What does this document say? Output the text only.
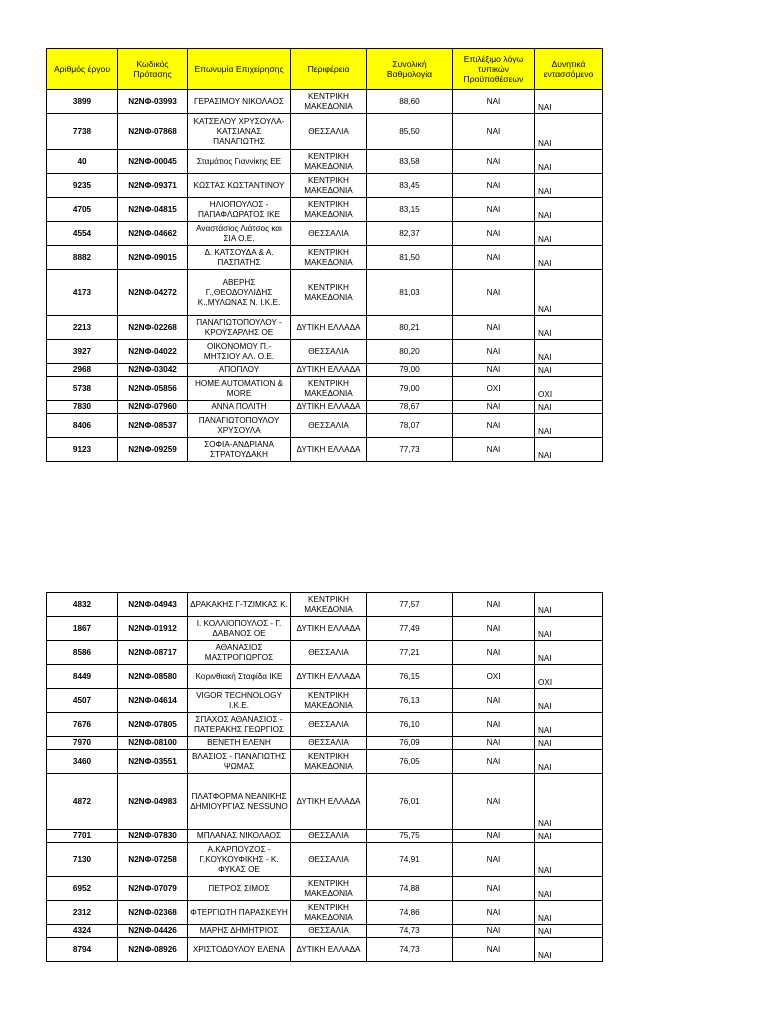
Αριθμός έργου	Κωδικός Πρότασης	Επωνυμία Επιχείρησης	Περιφέρεια	Συνολική Βαθμολογία	Επιλέξιμο λόγω τυπικών Προϋποθέσεων	Δυνητικά εντασσόμενο
3899	Ν2ΝΦ-03993	ΓΕΡΑΣΙΜΟΥ ΝΙΚΟΛΑΟΣ	ΚΕΝΤΡΙΚΗ ΜΑΚΕΔΟΝΙΑ	88,60	ΝΑΙ	ΝΑΙ
7738	Ν2ΝΦ-07868	ΚΑΤΣΕΛΟΥ ΧΡΥΣΟΥΛΑ-ΚΑΤΣΙΑΝΑΣ ΠΑΝΑΓΙΩΤΗΣ	ΘΕΣΣΑΛΙΑ	85,50	ΝΑΙ	ΝΑΙ
40	Ν2ΝΦ-00045	Σταμάτιος Γιαννίκης ΕΕ	ΚΕΝΤΡΙΚΗ ΜΑΚΕΔΟΝΙΑ	83,58	ΝΑΙ	ΝΑΙ
9235	Ν2ΝΦ-09371	ΚΩΣΤΑΣ ΚΩΣΤΑΝΤΙΝΟΥ	ΚΕΝΤΡΙΚΗ ΜΑΚΕΔΟΝΙΑ	83,45	ΝΑΙ	ΝΑΙ
4705	Ν2ΝΦ-04815	ΗΛΙΟΠΟΥΛΟΣ - ΠΑΠΑΦΛΩΡΑΤΟΣ ΙΚΕ	ΚΕΝΤΡΙΚΗ ΜΑΚΕΔΟΝΙΑ	83,15	ΝΑΙ	ΝΑΙ
4554	Ν2ΝΦ-04662	Αναστάσιος Λιάτσος και ΣΙΑ Ο.Ε.	ΘΕΣΣΑΛΙΑ	82,37	ΝΑΙ	ΝΑΙ
8882	Ν2ΝΦ-09015	Δ. ΚΑΤΣΟΥΔΑ & Α. ΠΑΣΠΑΤΗΣ	ΚΕΝΤΡΙΚΗ ΜΑΚΕΔΟΝΙΑ	81,50	ΝΑΙ	ΝΑΙ
4173	Ν2ΝΦ-04272	ΑΒΕΡΗΣ Γ.,ΘΕΟΔΟΥΛΙΔΗΣ Κ.,ΜΥΛΩΝΑΣ Ν. Ι.Κ.Ε.	ΚΕΝΤΡΙΚΗ ΜΑΚΕΔΟΝΙΑ	81,03	ΝΑΙ	ΝΑΙ
2213	Ν2ΝΦ-02268	ΠΑΝΑΓΙΩΤΟΠΟΥΛΟΥ - ΚΡΟΥΣΑΡΛΗΣ ΟΕ	ΔΥΤΙΚΗ ΕΛΛΑΔΑ	80,21	ΝΑΙ	ΝΑΙ
3927	Ν2ΝΦ-04022	ΟΙΚΟΝΟΜΟΥ Π.-ΜΗΤΣΙΟΥ ΑΛ. Ο.Ε.	ΘΕΣΣΑΛΙΑ	80,20	ΝΑΙ	ΝΑΙ
2968	Ν2ΝΦ-03042	ΑΠΟΠΛΟΥ	ΔΥΤΙΚΗ ΕΛΛΑΔΑ	79,00	ΝΑΙ	ΝΑΙ
5738	Ν2ΝΦ-05856	HOME AUTOMATION & MORE	ΚΕΝΤΡΙΚΗ ΜΑΚΕΔΟΝΙΑ	79,00	ΟΧΙ	ΟΧΙ
7830	Ν2ΝΦ-07960	ΑΝΝΑ ΠΟΛΙΤΗ	ΔΥΤΙΚΗ ΕΛΛΑΔΑ	78,67	ΝΑΙ	ΝΑΙ
8406	Ν2ΝΦ-08537	ΠΑΝΑΓΙΩΤΟΠΟΥΛΟΥ ΧΡΥΣΟΥΛΑ	ΘΕΣΣΑΛΙΑ	78,07	ΝΑΙ	ΝΑΙ
9123	Ν2ΝΦ-09259	ΣΟΦΙΑ-ΑΝΔΡΙΑΝΑ ΣΤΡΑΤΟΥΔΑΚΗ	ΔΥΤΙΚΗ ΕΛΛΑΔΑ	77,73	ΝΑΙ	ΝΑΙ
4832	Ν2ΝΦ-04943	ΔΡΑΚΑΚΗΣ Γ-ΤΖΙΜΚΑΣ Κ.	ΚΕΝΤΡΙΚΗ ΜΑΚΕΔΟΝΙΑ	77,57	ΝΑΙ	ΝΑΙ
1867	Ν2ΝΦ-01912	Ι. ΚΟΛΛΙΟΠΟΥΛΟΣ - Γ. ΔΑΒΑΝΟΣ ΟΕ	ΔΥΤΙΚΗ ΕΛΛΑΔΑ	77,49	ΝΑΙ	ΝΑΙ
8586	Ν2ΝΦ-08717	ΑΘΑΝΑΣΙΟΣ ΜΑΣΤΡΟΓΙΩΡΓΟΣ	ΘΕΣΣΑΛΙΑ	77,21	ΝΑΙ	ΝΑΙ
8449	Ν2ΝΦ-08580	Κορινθιακή Σταφίδα ΙΚΕ	ΔΥΤΙΚΗ ΕΛΛΑΔΑ	76,15	ΟΧΙ	ΟΧΙ
4507	Ν2ΝΦ-04614	VIGOR TECHNOLOGY I.K.E.	ΚΕΝΤΡΙΚΗ ΜΑΚΕΔΟΝΙΑ	76,13	ΝΑΙ	ΝΑΙ
7676	Ν2ΝΦ-07805	ΣΠΑΧΟΣ ΑΘΑΝΑΣΙΟΣ - ΠΑΤΕΡΑΚΗΣ ΓΕΩΡΓΙΟΣ	ΘΕΣΣΑΛΙΑ	76,10	ΝΑΙ	ΝΑΙ
7970	Ν2ΝΦ-08100	ΒΕΝΕΤΗ ΕΛΕΝΗ	ΘΕΣΣΑΛΙΑ	76,09	ΝΑΙ	ΝΑΙ
3460	Ν2ΝΦ-03551	ΒΛΑΣΙΟΣ - ΠΑΝΑΓΙΩΤΗΣ ΨΩΜΑΣ	ΚΕΝΤΡΙΚΗ ΜΑΚΕΔΟΝΙΑ	76,05	ΝΑΙ	ΝΑΙ
4872	Ν2ΝΦ-04983	ΠΛΑΤΦΟΡΜΑ ΝΕΑΝΙΚΗΣ ΔΗΜΙΟΥΡΓΙΑΣ NESSUNO	ΔΥΤΙΚΗ ΕΛΛΑΔΑ	76,01	ΝΑΙ	ΝΑΙ
7701	Ν2ΝΦ-07830	ΜΠΛΑΝΑΣ ΝΙΚΟΛΑΟΣ	ΘΕΣΣΑΛΙΑ	75,75	ΝΑΙ	ΝΑΙ
7130	Ν2ΝΦ-07258	Α.ΚΑΡΠΟΥΖΟΣ - Γ.ΚΟΥΚΟΥΦΙΚΗΣ - Κ. ΦΥΚΑΣ ΟΕ	ΘΕΣΣΑΛΙΑ	74,91	ΝΑΙ	ΝΑΙ
6952	Ν2ΝΦ-07079	ΠΕΤΡΟΣ ΣΙΜΟΣ	ΚΕΝΤΡΙΚΗ ΜΑΚΕΔΟΝΙΑ	74,88	ΝΑΙ	ΝΑΙ
2312	Ν2ΝΦ-02368	ΦΤΕΡΓΙΩΤΗ ΠΑΡΑΣΚΕΥΗ	ΚΕΝΤΡΙΚΗ ΜΑΚΕΔΟΝΙΑ	74,86	ΝΑΙ	ΝΑΙ
4324	Ν2ΝΦ-04426	ΜΑΡΗΣ ΔΗΜΗΤΡΙΟΣ	ΘΕΣΣΑΛΙΑ	74,73	ΝΑΙ	ΝΑΙ
8794	Ν2ΝΦ-08926	ΧΡΙΣΤΟΔΟΥΛΟΥ ΕΛΕΝΑ	ΔΥΤΙΚΗ ΕΛΛΑΔΑ	74,73	ΝΑΙ	ΝΑΙ
